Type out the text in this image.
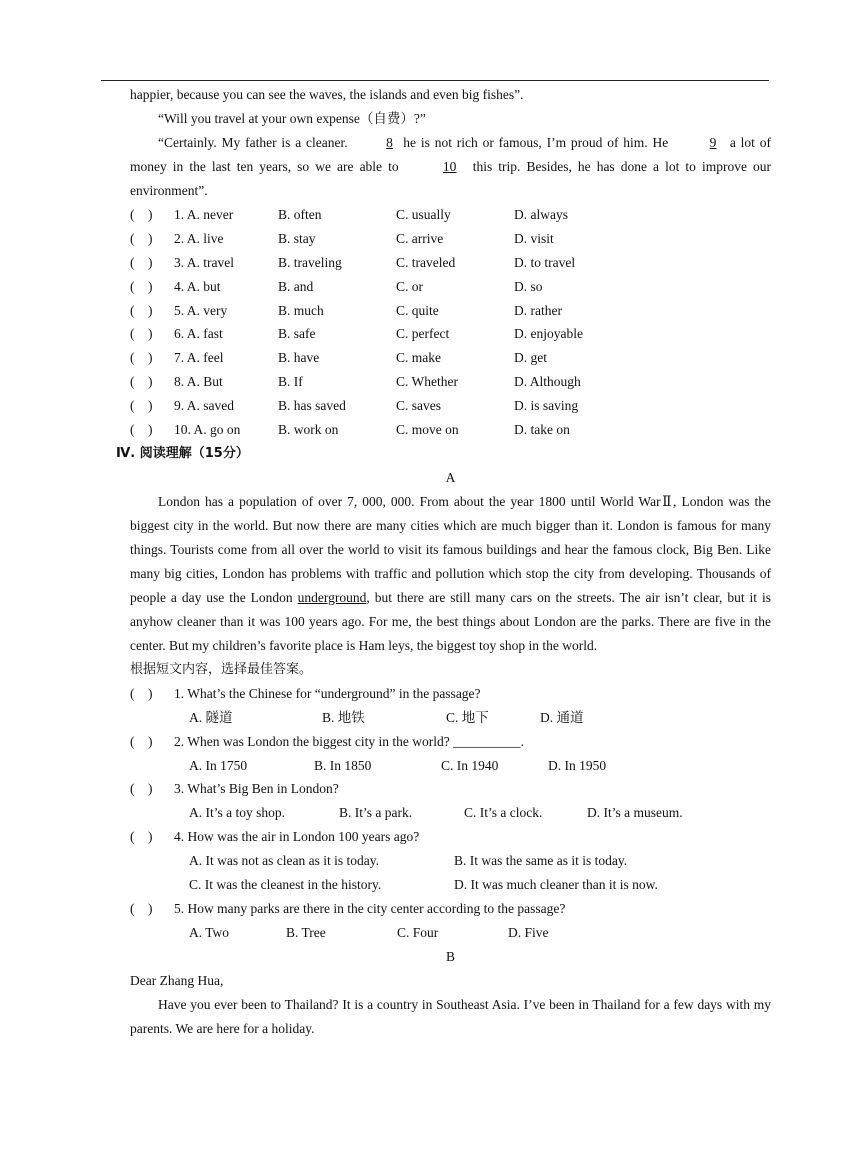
happier, because you can see the waves, the islands and even big fishes”.

“Will you travel at your own expense（自费）?”

“Certainly. My father is a cleaner. 8 he is not rich or famous, I’m proud of him. He	9 a lot of money in the last ten years, so we are able to	10 this trip. Besides, he has done a lot to improve our environment”.

(　) 1. A. never	B. often	C. usually	D. always
(　) 2. A. live	B. stay	C. arrive	D. visit
(　) 3. A. travel	B. traveling	C. traveled	D. to travel
(　) 4. A. but	B. and	C. or	D. so
(　) 5. A. very	B. much	C. quite	D. rather
(　) 6. A. fast	B. safe	C. perfect	D. enjoyable
(　) 7. A. feel	B. have	C. make	D. get
(　) 8. A. But	B. If	C. Whether	D. Although
(　) 9. A. saved	B. has saved	C. saves	D. is saving
(　) 10. A. go on	B. work on	C. move on	D. take on

Ⅳ. 阅读理解（15分）

A

London has a population of over 7, 000, 000. From about the year 1800 until World WarⅡ, London was the biggest city in the world. But now there are many cities which are much bigger than it. London is famous for many things. Tourists come from all over the world to visit its famous buildings and hear the famous clock, Big Ben. Like many big cities, London has problems with traffic and pollution which stop the city from developing. Thousands of people a day use the London underground, but there are still many cars on the streets. The air isn’t clear, but it is anyhow cleaner than it was 100 years ago. For me, the best things about London are the parks. There are five in the center. But my children’s favorite place is Ham leys, the biggest toy shop in the world.

根据短文内容，选择最佳答案。

(　) 1. What’s the Chinese for “underground” in the passage?
A. 隧道	B. 地铁	C. 地下	D. 通道
(　) 2. When was London the biggest city in the world? __________.
A. In 1750	B. In 1850	C. In 1940	D. In 1950
(　) 3. What’s Big Ben in London?
A. It’s a toy shop.	B. It’s a park.	C. It’s a clock.	D. It’s a museum.
(　) 4. How was the air in London 100 years ago?
A. It was not as clean as it is today.	B. It was the same as it is today.
C. It was the cleanest in the history.	D. It was much cleaner than it is now.
(　) 5. How many parks are there in the city center according to the passage?
A. Two	B. Tree	C. Four	D. Five

B

Dear Zhang Hua,

Have you ever been to Thailand? It is a country in Southeast Asia. I’ve been in Thailand for a few days with my parents. We are here for a holiday.
